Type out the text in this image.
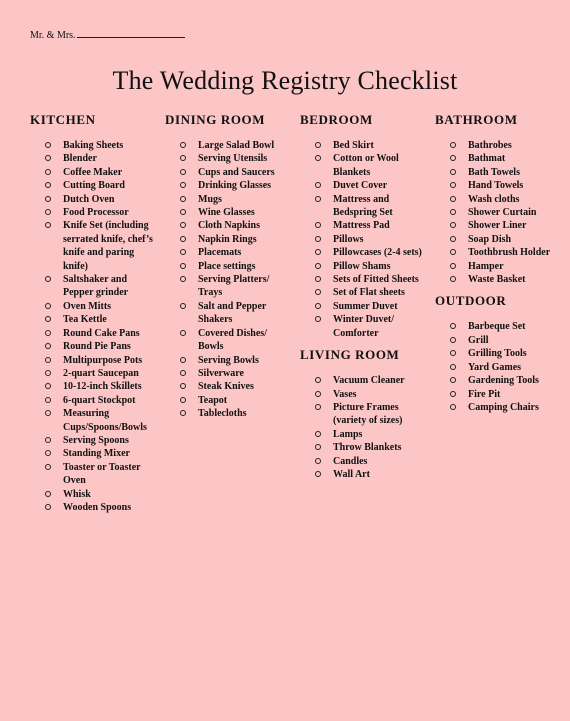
Mr. & Mrs.
The Wedding Registry Checklist
KITCHEN
Baking Sheets
Blender
Coffee Maker
Cutting Board
Dutch Oven
Food Processor
Knife Set (including serrated knife, chef’s knife and paring knife)
Saltshaker and Pepper grinder
Oven Mitts
Tea Kettle
Round Cake Pans
Round Pie Pans
Multipurpose Pots
2-quart Saucepan
10-12-inch Skillets
6-quart Stockpot
Measuring Cups/Spoons/Bowls
Serving Spoons
Standing Mixer
Toaster or Toaster Oven
Whisk
Wooden Spoons
DINING ROOM
Large Salad Bowl
Serving Utensils
Cups and Saucers
Drinking Glasses
Mugs
Wine Glasses
Cloth Napkins
Napkin Rings
Placemats
Place settings
Serving Platters/ Trays
Salt and Pepper Shakers
Covered Dishes/ Bowls
Serving Bowls
Silverware
Steak Knives
Teapot
Tablecloths
BEDROOM
Bed Skirt
Cotton or Wool Blankets
Duvet Cover
Mattress and Bedspring Set
Mattress Pad
Pillows
Pillowcases (2-4 sets)
Pillow Shams
Sets of Fitted Sheets
Set of Flat sheets
Summer Duvet
Winter Duvet/ Comforter
LIVING ROOM
Vacuum Cleaner
Vases
Picture Frames (variety of sizes)
Lamps
Throw Blankets
Candles
Wall Art
BATHROOM
Bathrobes
Bathmat
Bath Towels
Hand Towels
Wash cloths
Shower Curtain
Shower Liner
Soap Dish
Toothbrush Holder
Hamper
Waste Basket
OUTDOOR
Barbeque Set
Grill
Grilling Tools
Yard Games
Gardening Tools
Fire Pit
Camping Chairs
